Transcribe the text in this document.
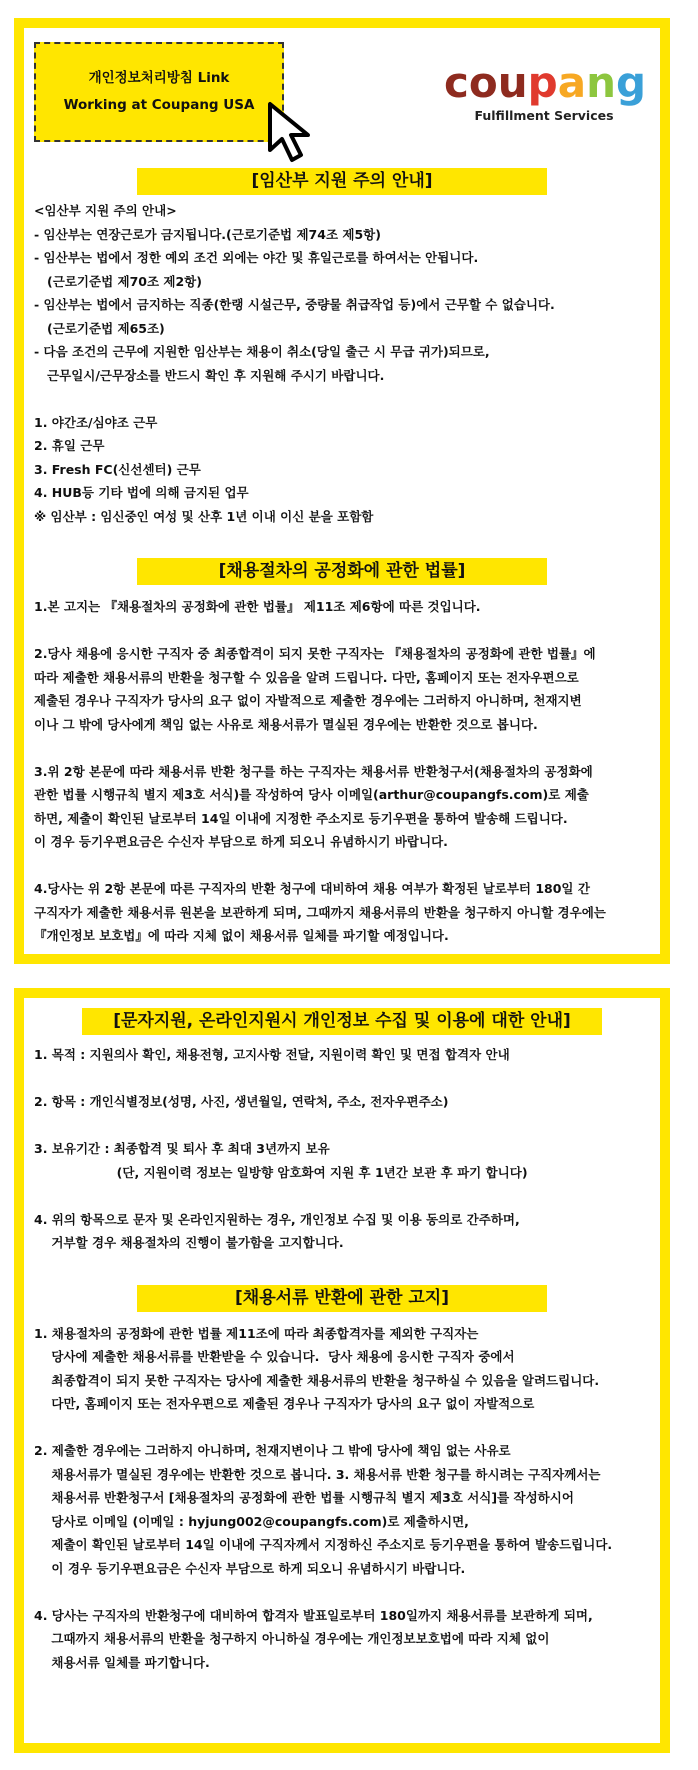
개인정보처리방침 Link
Working at Coupang USA	coupang
Fulfillment Services
[임산부 지원 주의 안내]
<임산부 지원 주의 안내>
- 임산부는 연장근로가 금지됩니다.(근로기준법 제74조 제5항)
- 임산부는 법에서 정한 예외 조건 외에는 야간 및 휴일근로를 하여서는 안됩니다.
(근로기준법 제70조 제2항)
- 임산부는 법에서 금지하는 직종(한랭 시설근무, 중량물 취급작업 등)에서 근무할 수 없습니다.
(근로기준법 제65조)
- 다음 조건의 근무에 지원한 임산부는 채용이 취소(당일 출근 시 무급 귀가)되므로,
근무일시/근무장소를 반드시 확인 후 지원해 주시기 바랍니다.
1. 야간조/심야조 근무
2. 휴일 근무
3. Fresh FC(신선센터) 근무
4. HUB등 기타 법에 의해 금지된 업무
※ 임산부 : 임신중인 여성 및 산후 1년 이내 이신 분을 포함함
[채용절차의 공정화에 관한 법률]
1.본 고지는 『채용절차의 공정화에 관한 법률』 제11조 제6항에 따른 것입니다.
2.당사 채용에 응시한 구직자 중 최종합격이 되지 못한 구직자는 『채용절차의 공정화에 관한 법률』에
따라 제출한 채용서류의 반환을 청구할 수 있음을 알려 드립니다. 다만, 홈페이지 또는 전자우편으로
제출된 경우나 구직자가 당사의 요구 없이 자발적으로 제출한 경우에는 그러하지 아니하며, 천재지변
이나 그 밖에 당사에게 책임 없는 사유로 채용서류가 멸실된 경우에는 반환한 것으로 봅니다.
3.위 2항 본문에 따라 채용서류 반환 청구를 하는 구직자는 채용서류 반환청구서(채용절차의 공정화에
관한 법률 시행규칙 별지 제3호 서식)를 작성하여 당사 이메일(arthur@coupangfs.com)로 제출
하면, 제출이 확인된 날로부터 14일 이내에 지정한 주소지로 등기우편을 통하여 발송해 드립니다.
이 경우 등기우편요금은 수신자 부담으로 하게 되오니 유념하시기 바랍니다.
4.당사는 위 2항 본문에 따른 구직자의 반환 청구에 대비하여 채용 여부가 확정된 날로부터 180일 간
구직자가 제출한 채용서류 원본을 보관하게 되며, 그때까지 채용서류의 반환을 청구하지 아니할 경우에는
『개인정보 보호법』에 따라 지체 없이 채용서류 일체를 파기할 예정입니다.
[문자지원, 온라인지원시 개인정보 수집 및 이용에 대한 안내]
1. 목적 : 지원의사 확인, 채용전형, 고지사항 전달, 지원이력 확인 및 면접 합격자 안내
2. 항목 : 개인식별정보(성명, 사진, 생년월일, 연락처, 주소, 전자우편주소)
3. 보유기간 : 최종합격 및 퇴사 후 최대 3년까지 보유
(단, 지원이력 정보는 일방향 암호화여 지원 후 1년간 보관 후 파기 합니다)
4. 위의 항목으로 문자 및 온라인지원하는 경우, 개인정보 수집 및 이용 동의로 간주하며,
거부할 경우 채용절차의 진행이 불가함을 고지합니다.
[채용서류 반환에 관한 고지]
1. 채용절차의 공정화에 관한 법률 제11조에 따라 최종합격자를 제외한 구직자는
당사에 제출한 채용서류를 반환받을 수 있습니다.  당사 채용에 응시한 구직자 중에서
최종합격이 되지 못한 구직자는 당사에 제출한 채용서류의 반환을 청구하실 수 있음을 알려드립니다.
다만, 홈페이지 또는 전자우편으로 제출된 경우나 구직자가 당사의 요구 없이 자발적으로
2. 제출한 경우에는 그러하지 아니하며, 천재지변이나 그 밖에 당사에 책임 없는 사유로
채용서류가 멸실된 경우에는 반환한 것으로 봅니다. 3. 채용서류 반환 청구를 하시려는 구직자께서는
채용서류 반환청구서 [채용절차의 공정화에 관한 법률 시행규칙 별지 제3호 서식]를 작성하시어
당사로 이메일 (이메일 : hyjung002@coupangfs.com)로 제출하시면,
제출이 확인된 날로부터 14일 이내에 구직자께서 지정하신 주소지로 등기우편을 통하여 발송드립니다.
이 경우 등기우편요금은 수신자 부담으로 하게 되오니 유념하시기 바랍니다.
4. 당사는 구직자의 반환청구에 대비하여 합격자 발표일로부터 180일까지 채용서류를 보관하게 되며,
그때까지 채용서류의 반환을 청구하지 아니하실 경우에는 개인정보보호법에 따라 지체 없이
채용서류 일체를 파기합니다.
